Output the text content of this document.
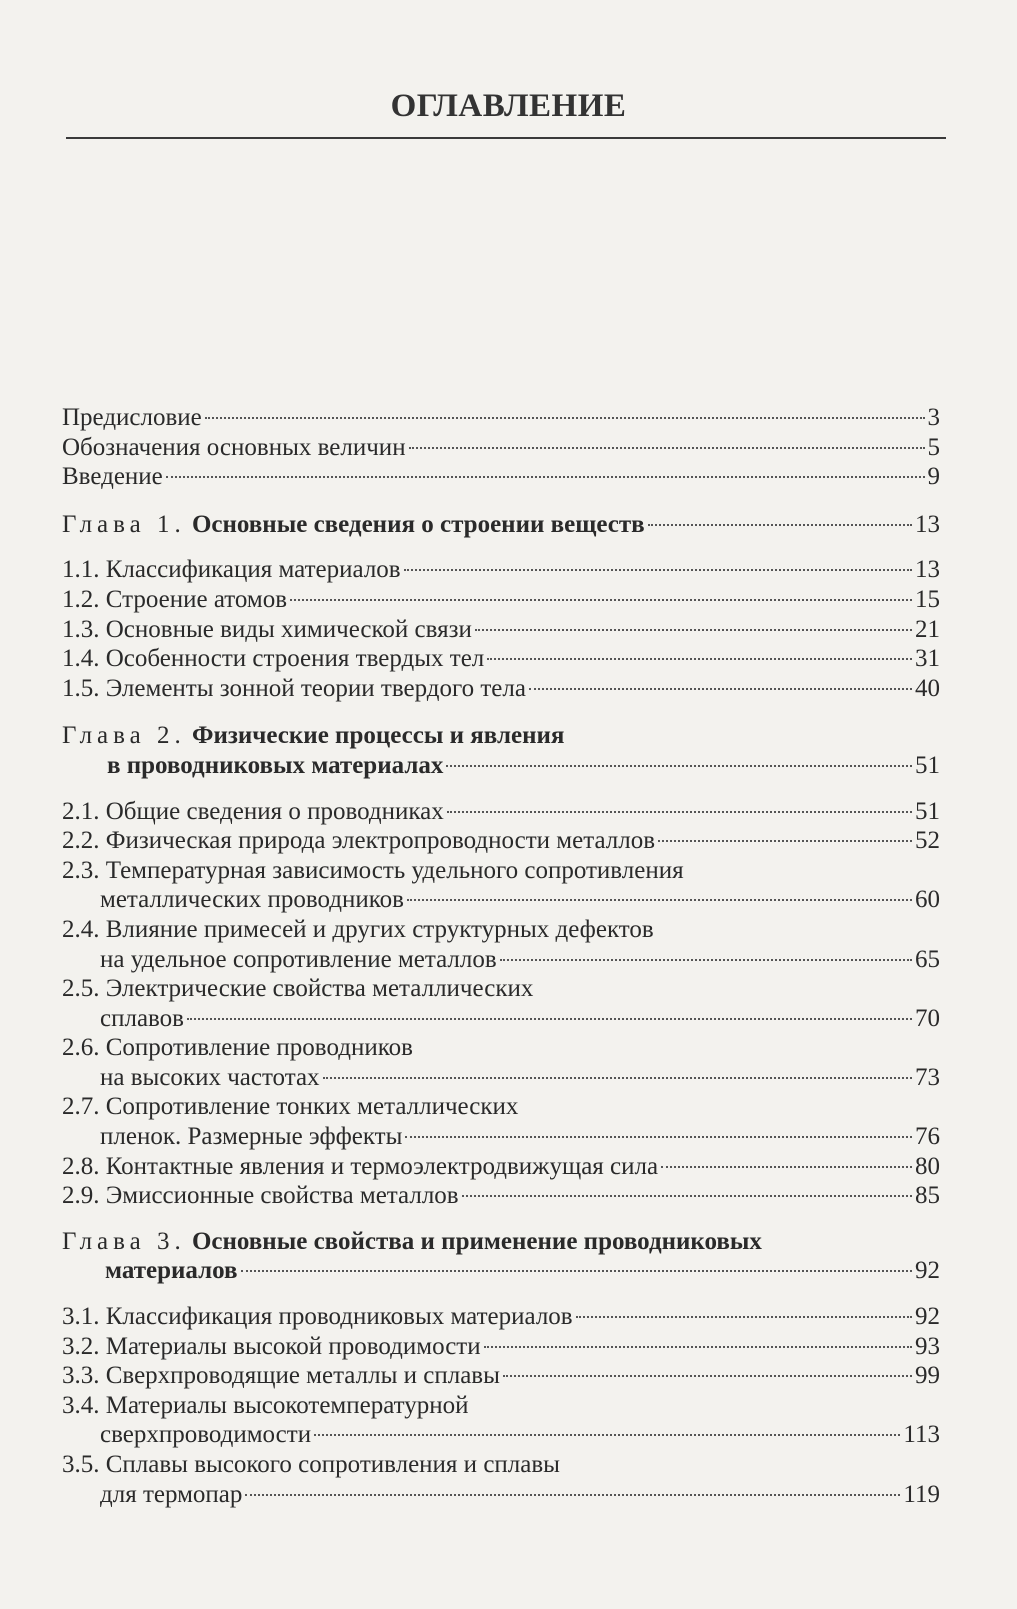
ОГЛАВЛЕНИЕ
Предисловие	3
Обозначения основных величин	5
Введение	9
Глава 1. Основные сведения о строении веществ	13
1.1. Классификация материалов	13
1.2. Строение атомов	15
1.3. Основные виды химической связи	21
1.4. Особенности строения твердых тел	31
1.5. Элементы зонной теории твердого тела	40
Глава 2. Физические процессы и явления
в проводниковых материалах	51
2.1. Общие сведения о проводниках	51
2.2. Физическая природа электропроводности металлов	52
2.3. Температурная зависимость удельного сопротивления
металлических проводников	60
2.4. Влияние примесей и других структурных дефектов
на удельное сопротивление металлов	65
2.5. Электрические свойства металлических
сплавов	70
2.6. Сопротивление проводников
на высоких частотах	73
2.7. Сопротивление тонких металлических
пленок. Размерные эффекты	76
2.8. Контактные явления и термоэлектродвижущая сила	80
2.9. Эмиссионные свойства металлов	85
Глава 3. Основные свойства и применение проводниковых
материалов	92
3.1. Классификация проводниковых материалов	92
3.2. Материалы высокой проводимости	93
3.3. Сверхпроводящие металлы и сплавы	99
3.4. Материалы высокотемпературной
сверхпроводимости	113
3.5. Сплавы высокого сопротивления и сплавы
для термопар	119
